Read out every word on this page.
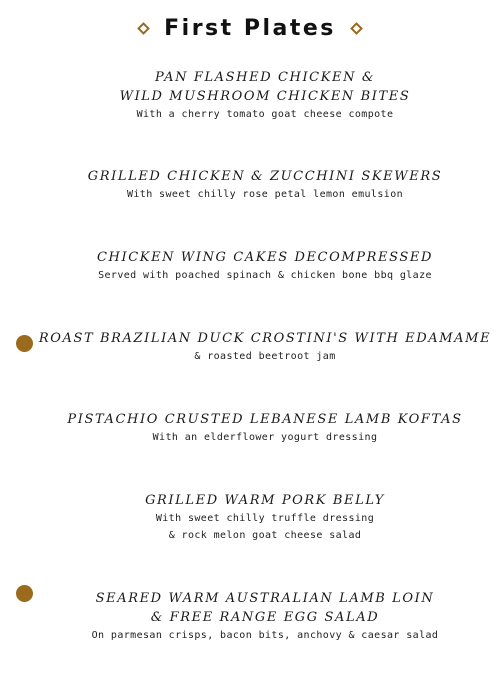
First Plates
PAN FLASHED CHICKEN &
WILD MUSHROOM CHICKEN BITES
With a cherry tomato goat cheese compote
GRILLED CHICKEN & ZUCCHINI SKEWERS
With sweet chilly rose petal lemon emulsion
CHICKEN WING CAKES DECOMPRESSED
Served with poached spinach & chicken bone bbq glaze
ROAST BRAZILIAN DUCK CROSTINI'S WITH EDAMAME
& roasted beetroot jam
PISTACHIO CRUSTED LEBANESE LAMB KOFTAS
With an elderflower yogurt dressing
GRILLED WARM PORK BELLY
With sweet chilly truffle dressing
& rock melon goat cheese salad
SEARED WARM AUSTRALIAN LAMB LOIN
& FREE RANGE EGG SALAD
On parmesan crisps, bacon bits, anchovy & caesar salad
